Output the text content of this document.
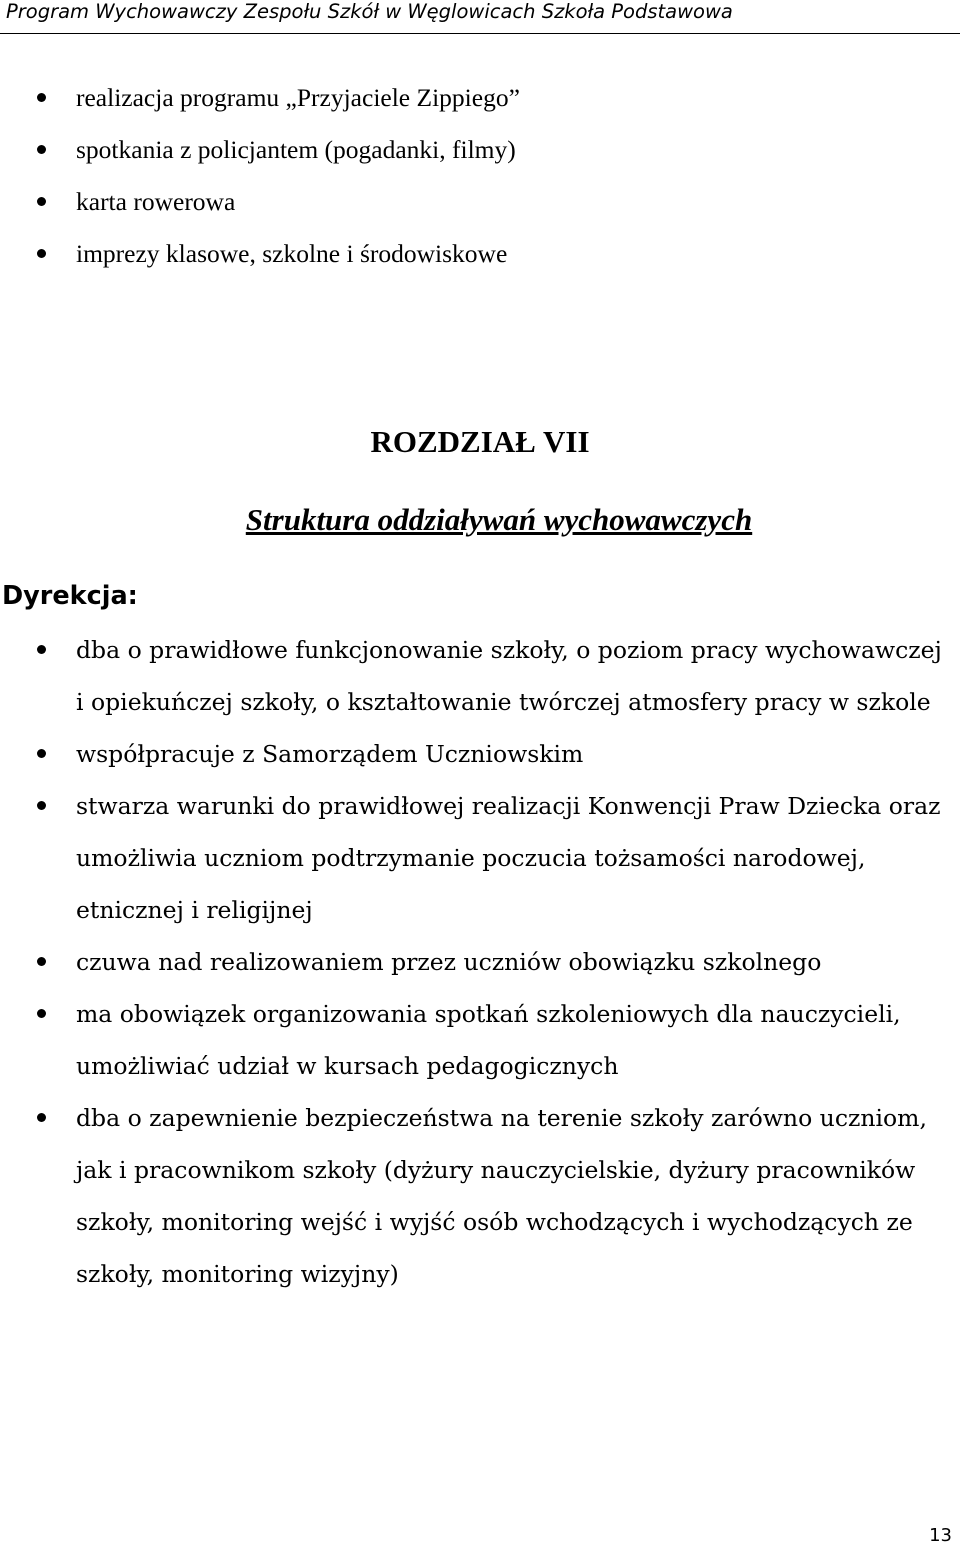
Program Wychowawczy Zespołu Szkół w Węglowicach Szkoła Podstawowa
realizacja programu „Przyjaciele Zippiego”
spotkania z policjantem (pogadanki, filmy)
karta rowerowa
imprezy klasowe, szkolne i środowiskowe
ROZDZIAŁ VII
Struktura oddziaływań wychowawczych
Dyrekcja:
dba o prawidłowe funkcjonowanie szkoły, o poziom pracy wychowawczej i opiekuńczej szkoły, o kształtowanie twórczej atmosfery pracy w szkole
współpracuje z Samorządem Uczniowskim
stwarza warunki do prawidłowej realizacji Konwencji Praw Dziecka oraz umożliwia uczniom podtrzymanie poczucia tożsamości narodowej, etnicznej i religijnej
czuwa nad realizowaniem przez uczniów obowiązku szkolnego
ma obowiązek organizowania spotkań szkoleniowych dla nauczycieli, umożliwiać udział w kursach pedagogicznych
dba o zapewnienie bezpieczeństwa na terenie szkoły zarówno uczniom, jak i pracownikom szkoły (dyżury nauczycielskie, dyżury pracowników szkoły, monitoring wejść i wyjść osób wchodzących i wychodzących ze szkoły, monitoring wizyjny)
13
